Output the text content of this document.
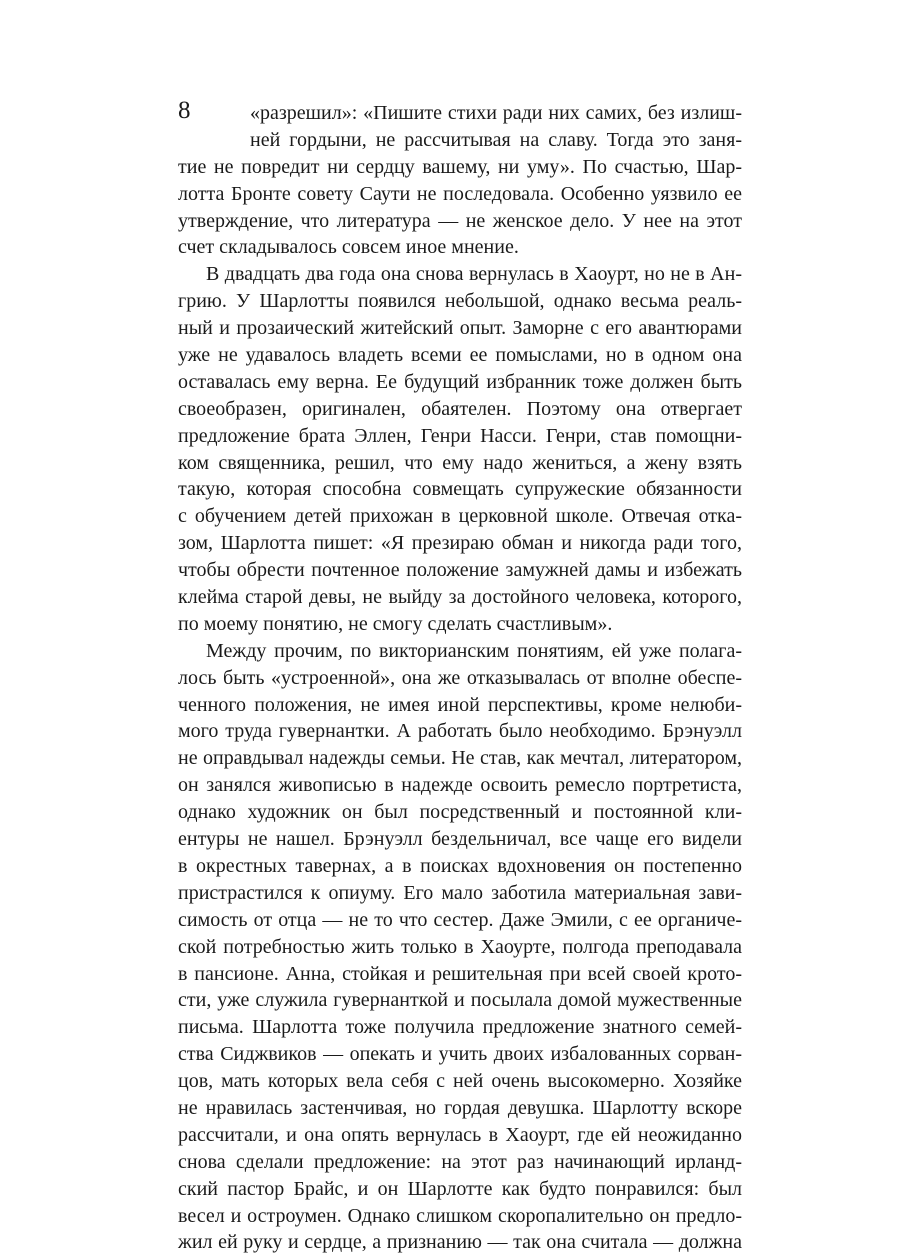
8	«разрешил»: «Пишите стихи ради них самих, без излиш-
ней гордыни, не рассчитывая на славу. Тогда это заня-
тие не повредит ни сердцу вашему, ни уму». По счастью, Шар-
лотта Бронте совету Саути не последовала. Особенно уязвило ее
утверждение, что литература — не женское дело. У нее на этот
счет складывалось совсем иное мнение.
В двадцать два года она снова вернулась в Хаоурт, но не в Ан-
грию. У Шарлотты появился небольшой, однако весьма реаль-
ный и прозаический житейский опыт. Заморне с его авантюрами
уже не удавалось владеть всеми ее помыслами, но в одном она
оставалась ему верна. Ее будущий избранник тоже должен быть
своеобразен, оригинален, обаятелен. Поэтому она отвергает
предложение брата Эллен, Генри Насси. Генри, став помощни-
ком священника, решил, что ему надо жениться, а жену взять
такую, которая способна совмещать супружеские обязанности
с обучением детей прихожан в церковной школе. Отвечая отка-
зом, Шарлотта пишет: «Я презираю обман и никогда ради того,
чтобы обрести почтенное положение замужней дамы и избежать
клейма старой девы, не выйду за достойного человека, которого,
по моему понятию, не смогу сделать счастливым».
Между прочим, по викторианским понятиям, ей уже полага-
лось быть «устроенной», она же отказывалась от вполне обеспе-
ченного положения, не имея иной перспективы, кроме нелюби-
мого труда гувернантки. А работать было необходимо. Брэнуэлл
не оправдывал надежды семьи. Не став, как мечтал, литератором,
он занялся живописью в надежде освоить ремесло портретиста,
однако художник он был посредственный и постоянной кли-
ентуры не нашел. Брэнуэлл бездельничал, все чаще его видели
в окрестных тавернах, а в поисках вдохновения он постепенно
пристрастился к опиуму. Его мало заботила материальная зави-
симость от отца — не то что сестер. Даже Эмили, с ее органиче-
ской потребностью жить только в Хаоурте, полгода преподавала
в пансионе. Анна, стойкая и решительная при всей своей крото-
сти, уже служила гувернанткой и посылала домой мужественные
письма. Шарлотта тоже получила предложение знатного семей-
ства Сиджвиков — опекать и учить двоих избалованных сорван-
цов, мать которых вела себя с ней очень высокомерно. Хозяйке
не нравилась застенчивая, но гордая девушка. Шарлотту вскоре
рассчитали, и она опять вернулась в Хаоурт, где ей неожиданно
снова сделали предложение: на этот раз начинающий ирланд-
ский пастор Брайс, и он Шарлотте как будто понравился: был
весел и остроумен. Однако слишком скоропалительно он предло-
жил ей руку и сердце, а признанию — так она считала — должна
